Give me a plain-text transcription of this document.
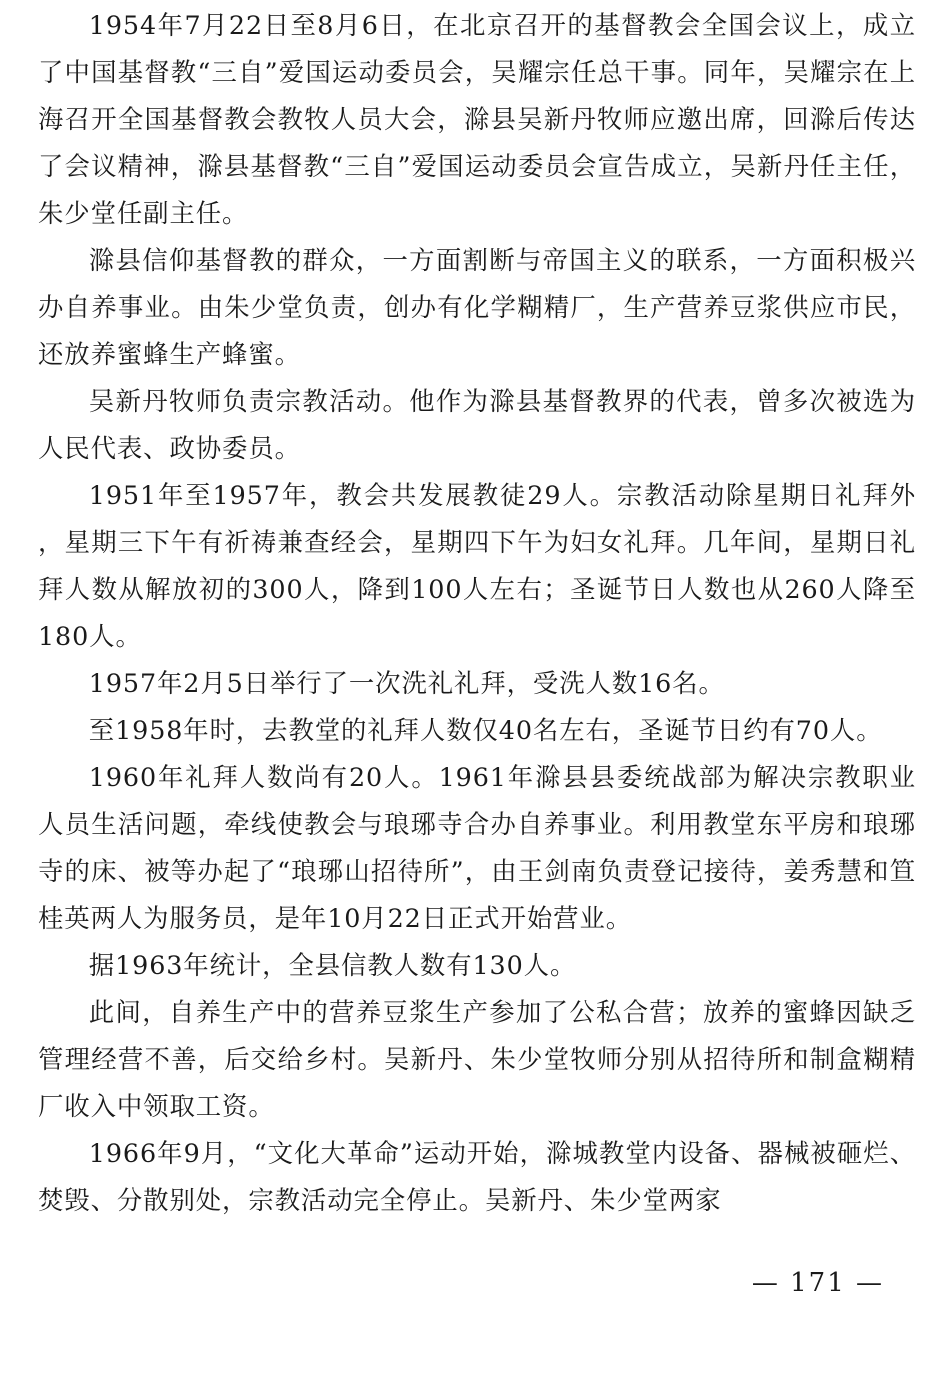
1954年7月22日至8月6日，在北京召开的基督教会全国会议上，成立了中国基督教“三自”爱国运动委员会，吴耀宗任总干事。同年，吴耀宗在上海召开全国基督教会教牧人员大会，滁县吴新丹牧师应邀出席，回滁后传达了会议精神，滁县基督教“三自”爱国运动委员会宣告成立，吴新丹任主任，朱少堂任副主任。

滁县信仰基督教的群众，一方面割断与帝国主义的联系，一方面积极兴办自养事业。由朱少堂负责，创办有化学糊精厂，生产营养豆浆供应市民，还放养蜜蜂生产蜂蜜。

吴新丹牧师负责宗教活动。他作为滁县基督教界的代表，曾多次被选为人民代表、政协委员。

1951年至1957年，教会共发展教徒29人。宗教活动除星期日礼拜外，星期三下午有祈祷兼查经会，星期四下午为妇女礼拜。几年间，星期日礼拜人数从解放初的300人，降到100人左右；圣诞节日人数也从260人降至180人。

1957年2月5日举行了一次洗礼礼拜，受洗人数16名。

至1958年时，去教堂的礼拜人数仅40名左右，圣诞节日约有70人。

1960年礼拜人数尚有20人。1961年滁县县委统战部为解决宗教职业人员生活问题，牵线使教会与琅琊寺合办自养事业。利用教堂东平房和琅琊寺的床、被等办起了“琅琊山招待所”，由王剑南负责登记接待，姜秀慧和笪桂英两人为服务员，是年10月22日正式开始营业。

据1963年统计，全县信教人数有130人。

此间，自养生产中的营养豆浆生产参加了公私合营；放养的蜜蜂因缺乏管理经营不善，后交给乡村。吴新丹、朱少堂牧师分别从招待所和制盒糊精厂收入中领取工资。

1966年9月，“文化大革命”运动开始，滁城教堂内设备、器械被砸烂、焚毁、分散别处，宗教活动完全停止。吴新丹、朱少堂两家

— 171 —
